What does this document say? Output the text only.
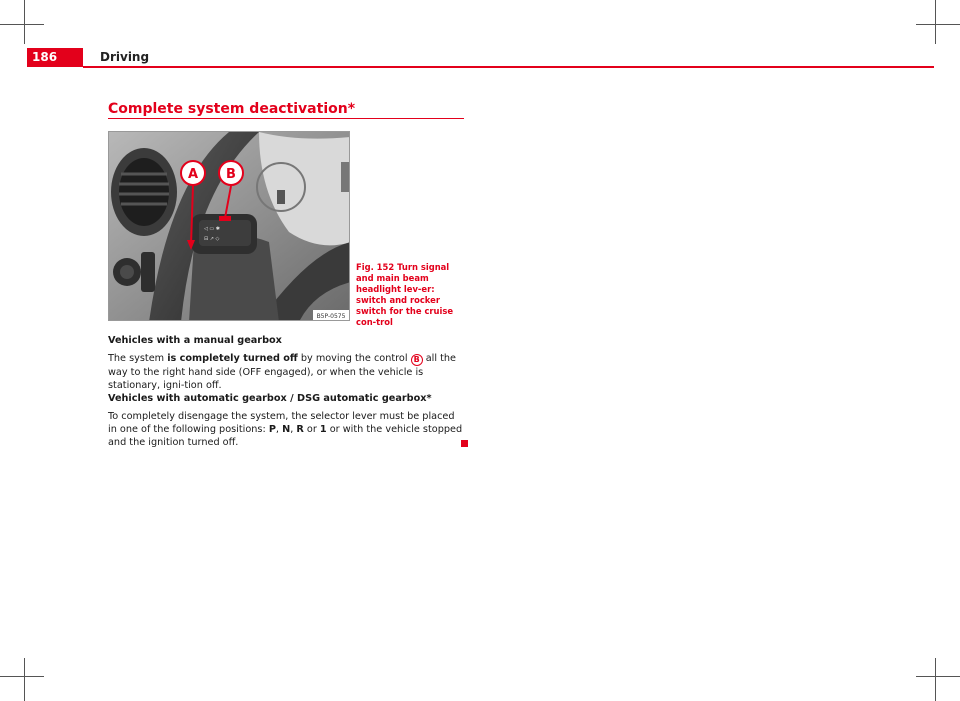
186	Driving
Complete system deactivation*
◁ ▭ ✱
⊟ ↗ ◇
A B
B5P-0575
Fig. 152 Turn signal and main beam headlight lev-er: switch and rocker switch for the cruise con-trol
Vehicles with a manual gearbox
The system is completely turned off by moving the control B all the way to the right hand side (OFF engaged), or when the vehicle is stationary, igni-tion off.
Vehicles with automatic gearbox / DSG automatic gearbox*
To completely disengage the system, the selector lever must be placed in one of the following positions: P, N, R or 1 or with the vehicle stopped and the ignition turned off.
